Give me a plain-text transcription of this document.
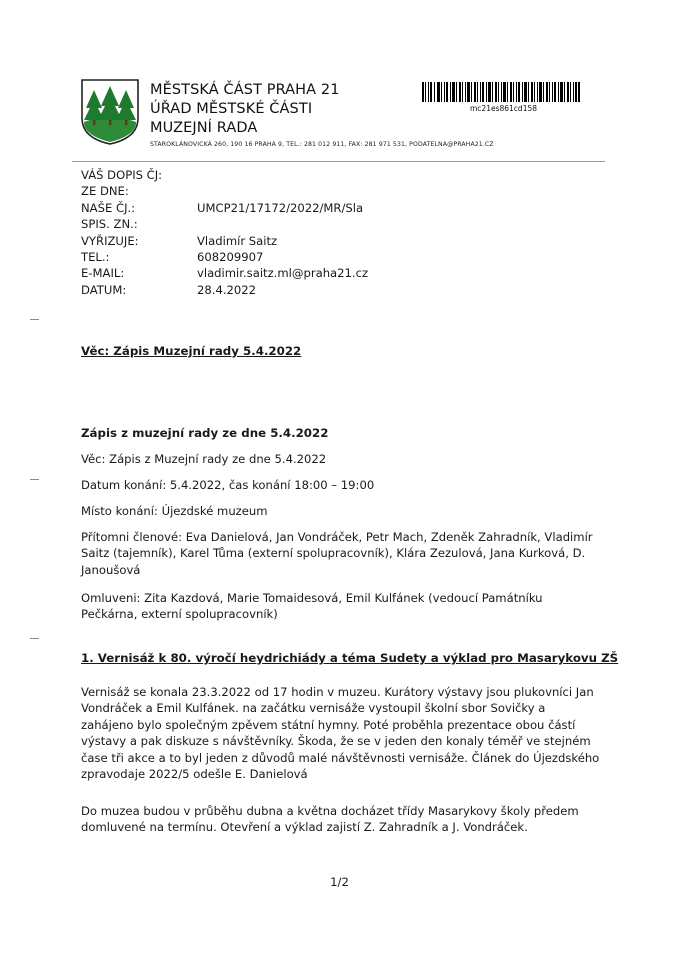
MĚSTSKÁ ČÁST PRAHA 21
ÚŘAD MĚSTSKÉ ČÁSTI
MUZEJNÍ RADA
STAROKLÁNOVICKÁ 260, 190 16 PRAHA 9, TEL.: 281 012 911, FAX: 281 971 531, PODATELNA@PRAHA21.CZ
mc21es861cd158
VÁŠ DOPIS ČJ:
ZE DNE:
NAŠE ČJ.:	UMCP21/17172/2022/MR/Sla
SPIS. ZN.:
VYŘIZUJE:	Vladimír Saitz
TEL.:	608209907
E-MAIL:	vladimir.saitz.ml@praha21.cz
DATUM:	28.4.2022
Věc: Zápis Muzejní rady 5.4.2022
Zápis z muzejní rady ze dne 5.4.2022
Věc: Zápis z Muzejní rady ze dne 5.4.2022
Datum konání: 5.4.2022, čas konání 18:00 – 19:00
Místo konání: Újezdské muzeum
Přítomni členové: Eva Danielová, Jan Vondráček, Petr Mach, Zdeněk Zahradník, Vladimír Saitz (tajemník), Karel Tůma (externí spolupracovník), Klára Zezulová, Jana Kurková, D. Janoušová
Omluveni: Zita Kazdová, Marie Tomaidesová, Emil Kulfánek (vedoucí Památníku Pečkárna, externí spolupracovník)
1. Vernisáž k 80. výročí heydrichiády a téma Sudety a výklad pro Masarykovu ZŠ
Vernisáž se konala 23.3.2022 od 17 hodin v muzeu. Kurátory výstavy jsou plukovníci Jan Vondráček a Emil Kulfánek. na začátku vernisáže vystoupil školní sbor Sovičky a zahájeno bylo společným zpěvem státní hymny. Poté proběhla prezentace obou částí výstavy a pak diskuze s návštěvníky. Škoda, že se v jeden den konaly téměř ve stejném čase tři akce a to byl jeden z důvodů malé návštěvnosti vernisáže. Článek do Újezdského zpravodaje 2022/5 odešle E. Danielová
Do muzea budou v průběhu dubna a května docházet třídy Masarykovy školy předem domluvené na termínu. Otevření a výklad zajistí Z. Zahradník a J. Vondráček.
1/2
